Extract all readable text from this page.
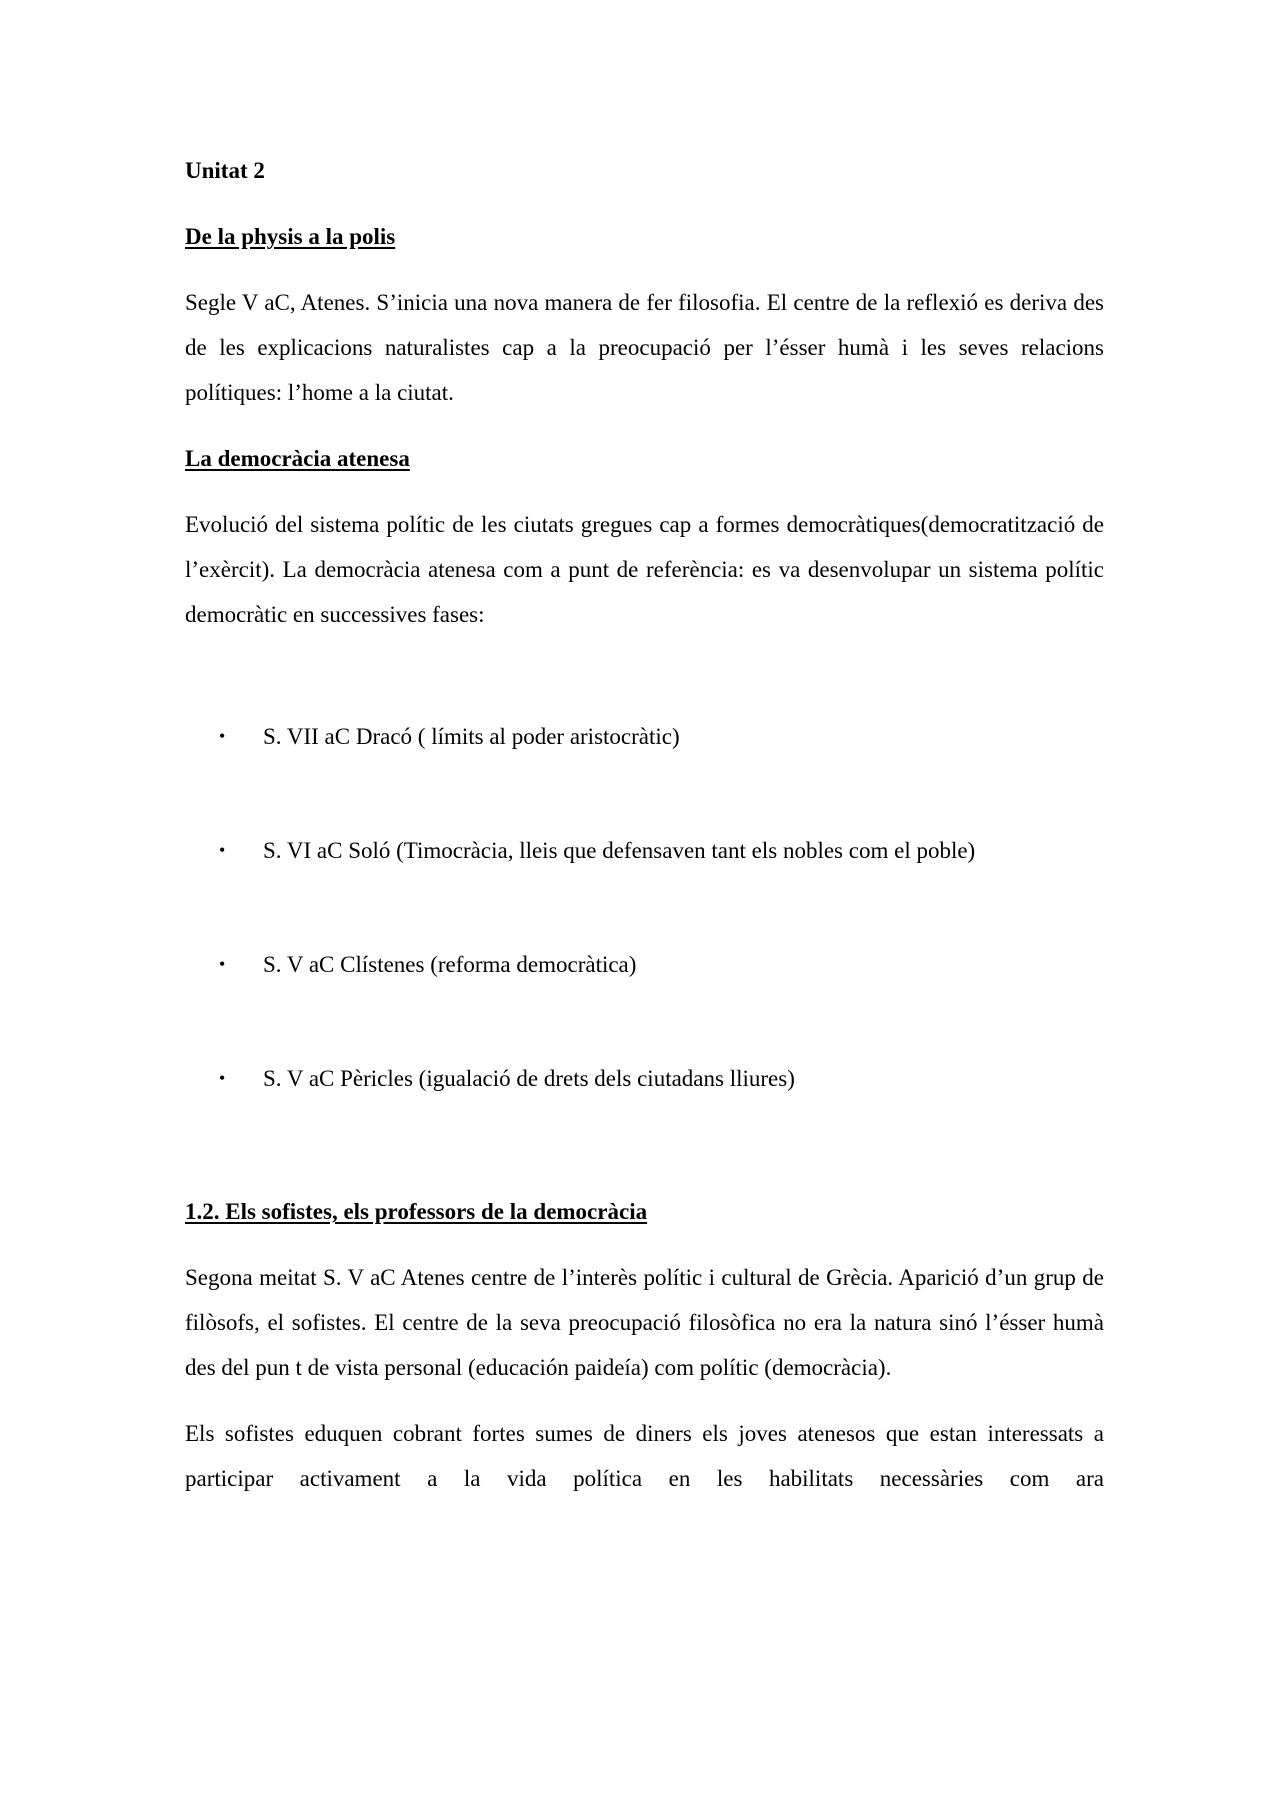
Unitat 2
De la physis a la polis

Segle V aC, Atenes. S’inicia una nova manera de fer filosofia. El centre de la reflexió es deriva des de les explicacions naturalistes cap a la preocupació per l’ésser humà i les seves relacions polítiques: l’home a la ciutat.

La democràcia atenesa

Evolució del sistema polític de les ciutats gregues cap a formes democràtiques(democratització de l’exèrcit). La democràcia atenesa com a punt de referència: es va desenvolupar un sistema polític democràtic en successives fases:

• S. VII aC Dracó ( límits al poder aristocràtic)
• S. VI aC Soló (Timocràcia, lleis que defensaven tant els nobles com el poble)
• S. V aC Clístenes (reforma democràtica)
• S. V aC Pèricles (igualació de drets dels ciutadans lliures)
1.2. Els sofistes, els professors de la democràcia

Segona meitat S. V aC Atenes centre de l’interès polític i cultural de Grècia. Aparició d’un grup de filòsofs, el sofistes. El centre de la seva preocupació filosòfica no era la natura sinó l’ésser humà des del pun t de vista personal (educación paideía) com polític (democràcia).

Els sofistes eduquen cobrant fortes sumes de diners els joves atenesos que estan interessats a participar activament a la vida política en les habilitats necessàries com ara
